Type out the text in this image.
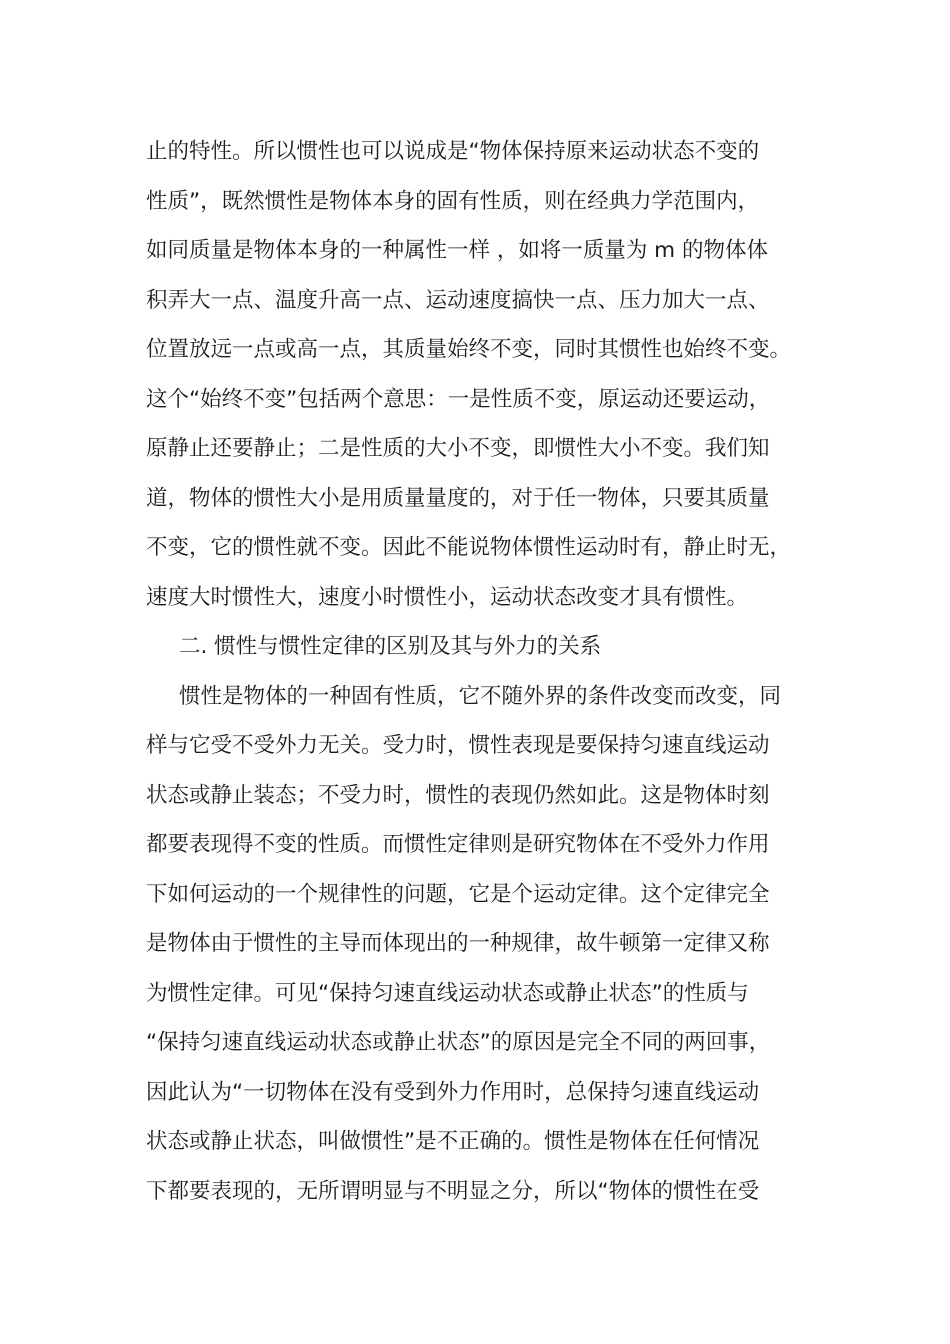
止的特性。所以惯性也可以说成是“物体保持原来运动状态不变的
性质”，既然惯性是物体本身的固有性质，则在经典力学范围内，
如同质量是物体本身的一种属性一样 ，如将一质量为 m 的物体体
积弄大一点、温度升高一点、运动速度搞快一点、压力加大一点、
位置放远一点或高一点，其质量始终不变，同时其惯性也始终不变。
这个“始终不变”包括两个意思：一是性质不变，原运动还要运动，
原静止还要静止；二是性质的大小不变，即惯性大小不变。我们知
道，物体的惯性大小是用质量量度的，对于任一物体，只要其质量
不变，它的惯性就不变。因此不能说物体惯性运动时有，静止时无，
速度大时惯性大，速度小时惯性小，运动状态改变才具有惯性。
二. 惯性与惯性定律的区别及其与外力的关系
惯性是物体的一种固有性质，它不随外界的条件改变而改变，同
样与它受不受外力无关。受力时，惯性表现是要保持匀速直线运动
状态或静止装态；不受力时，惯性的表现仍然如此。这是物体时刻
都要表现得不变的性质。而惯性定律则是研究物体在不受外力作用
下如何运动的一个规律性的问题，它是个运动定律。这个定律完全
是物体由于惯性的主导而体现出的一种规律，故牛顿第一定律又称
为惯性定律。可见“保持匀速直线运动状态或静止状态”的性质与
“保持匀速直线运动状态或静止状态”的原因是完全不同的两回事，
因此认为“一切物体在没有受到外力作用时，总保持匀速直线运动
状态或静止状态，叫做惯性”是不正确的。惯性是物体在任何情况
下都要表现的，无所谓明显与不明显之分，所以“物体的惯性在受
